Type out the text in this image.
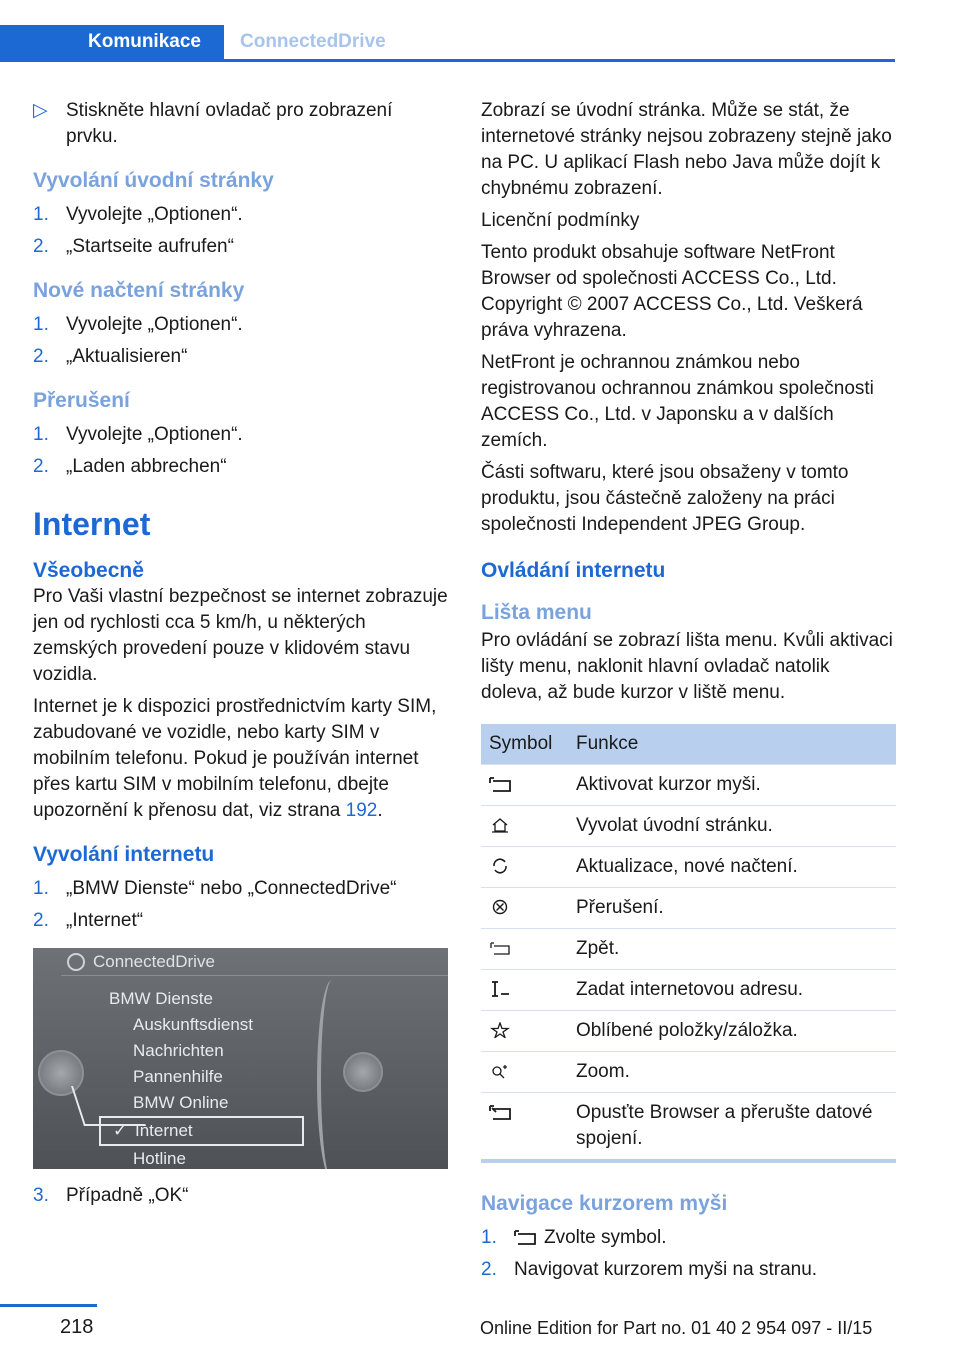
Komunikace	ConnectedDrive
▷ Stiskněte hlavní ovladač pro zobrazení prvku.
Vyvolání úvodní stránky
1. Vyvolejte „Optionen“.
2. „Startseite aufrufen“
Nové načtení stránky
1. Vyvolejte „Optionen“.
2. „Aktualisieren“
Přerušení
1. Vyvolejte „Optionen“.
2. „Laden abbrechen“
Internet
Všeobecně

Pro Vaši vlastní bezpečnost se internet zobrazuje jen od rychlosti cca 5 km/h, u některých zemských provedení pouze v klidovém stavu vozidla.

Internet je k dispozici prostřednictvím karty SIM, zabudované ve vozidle, nebo karty SIM v mobilním telefonu. Pokud je používán internet přes kartu SIM v mobilním telefonu, dbejte upozornění k přenosu dat, viz strana 192.

Vyvolání internetu
1. „BMW Dienste“ nebo „ConnectedDrive“
2. „Internet“
ConnectedDrive
BMW Dienste
Auskunftsdienst
Nachrichten
Pannenhilfe
BMW Online
✓ Internet
Hotline
3. Případně „OK“

Zobrazí se úvodní stránka. Může se stát, že internetové stránky nejsou zobrazeny stejně jako na PC. U aplikací Flash nebo Java může dojít k chybnému zobrazení.

Licenční podmínky

Tento produkt obsahuje software NetFront Browser od společnosti ACCESS Co., Ltd. Copyright © 2007 ACCESS Co., Ltd. Veškerá práva vyhrazena.

NetFront je ochrannou známkou nebo registrovanou ochrannou známkou společnosti ACCESS Co., Ltd. v Japonsku a v dalších zemích.

Části softwaru, které jsou obsaženy v tomto produktu, jsou částečně založeny na práci společnosti Independent JPEG Group.

Ovládání internetu
Lišta menu

Pro ovládání se zobrazí lišta menu. Kvůli aktivaci lišty menu, naklonit hlavní ovladač natolik doleva, až bude kurzor v liště menu.

Symbol	Funkce
	Aktivovat kurzor myši.
	Vyvolat úvodní stránku.
	Aktualizace, nové načtení.
	Přerušení.
	Zpět.
	Zadat internetovou adresu.
	Oblíbené položky/záložka.
	Zoom.
	Opusťte Browser a přerušte datové spojení.
Navigace kurzorem myši
1. Zvolte symbol.
2. Navigovat kurzorem myši na stranu.
218	Online Edition for Part no. 01 40 2 954 097 - II/15
